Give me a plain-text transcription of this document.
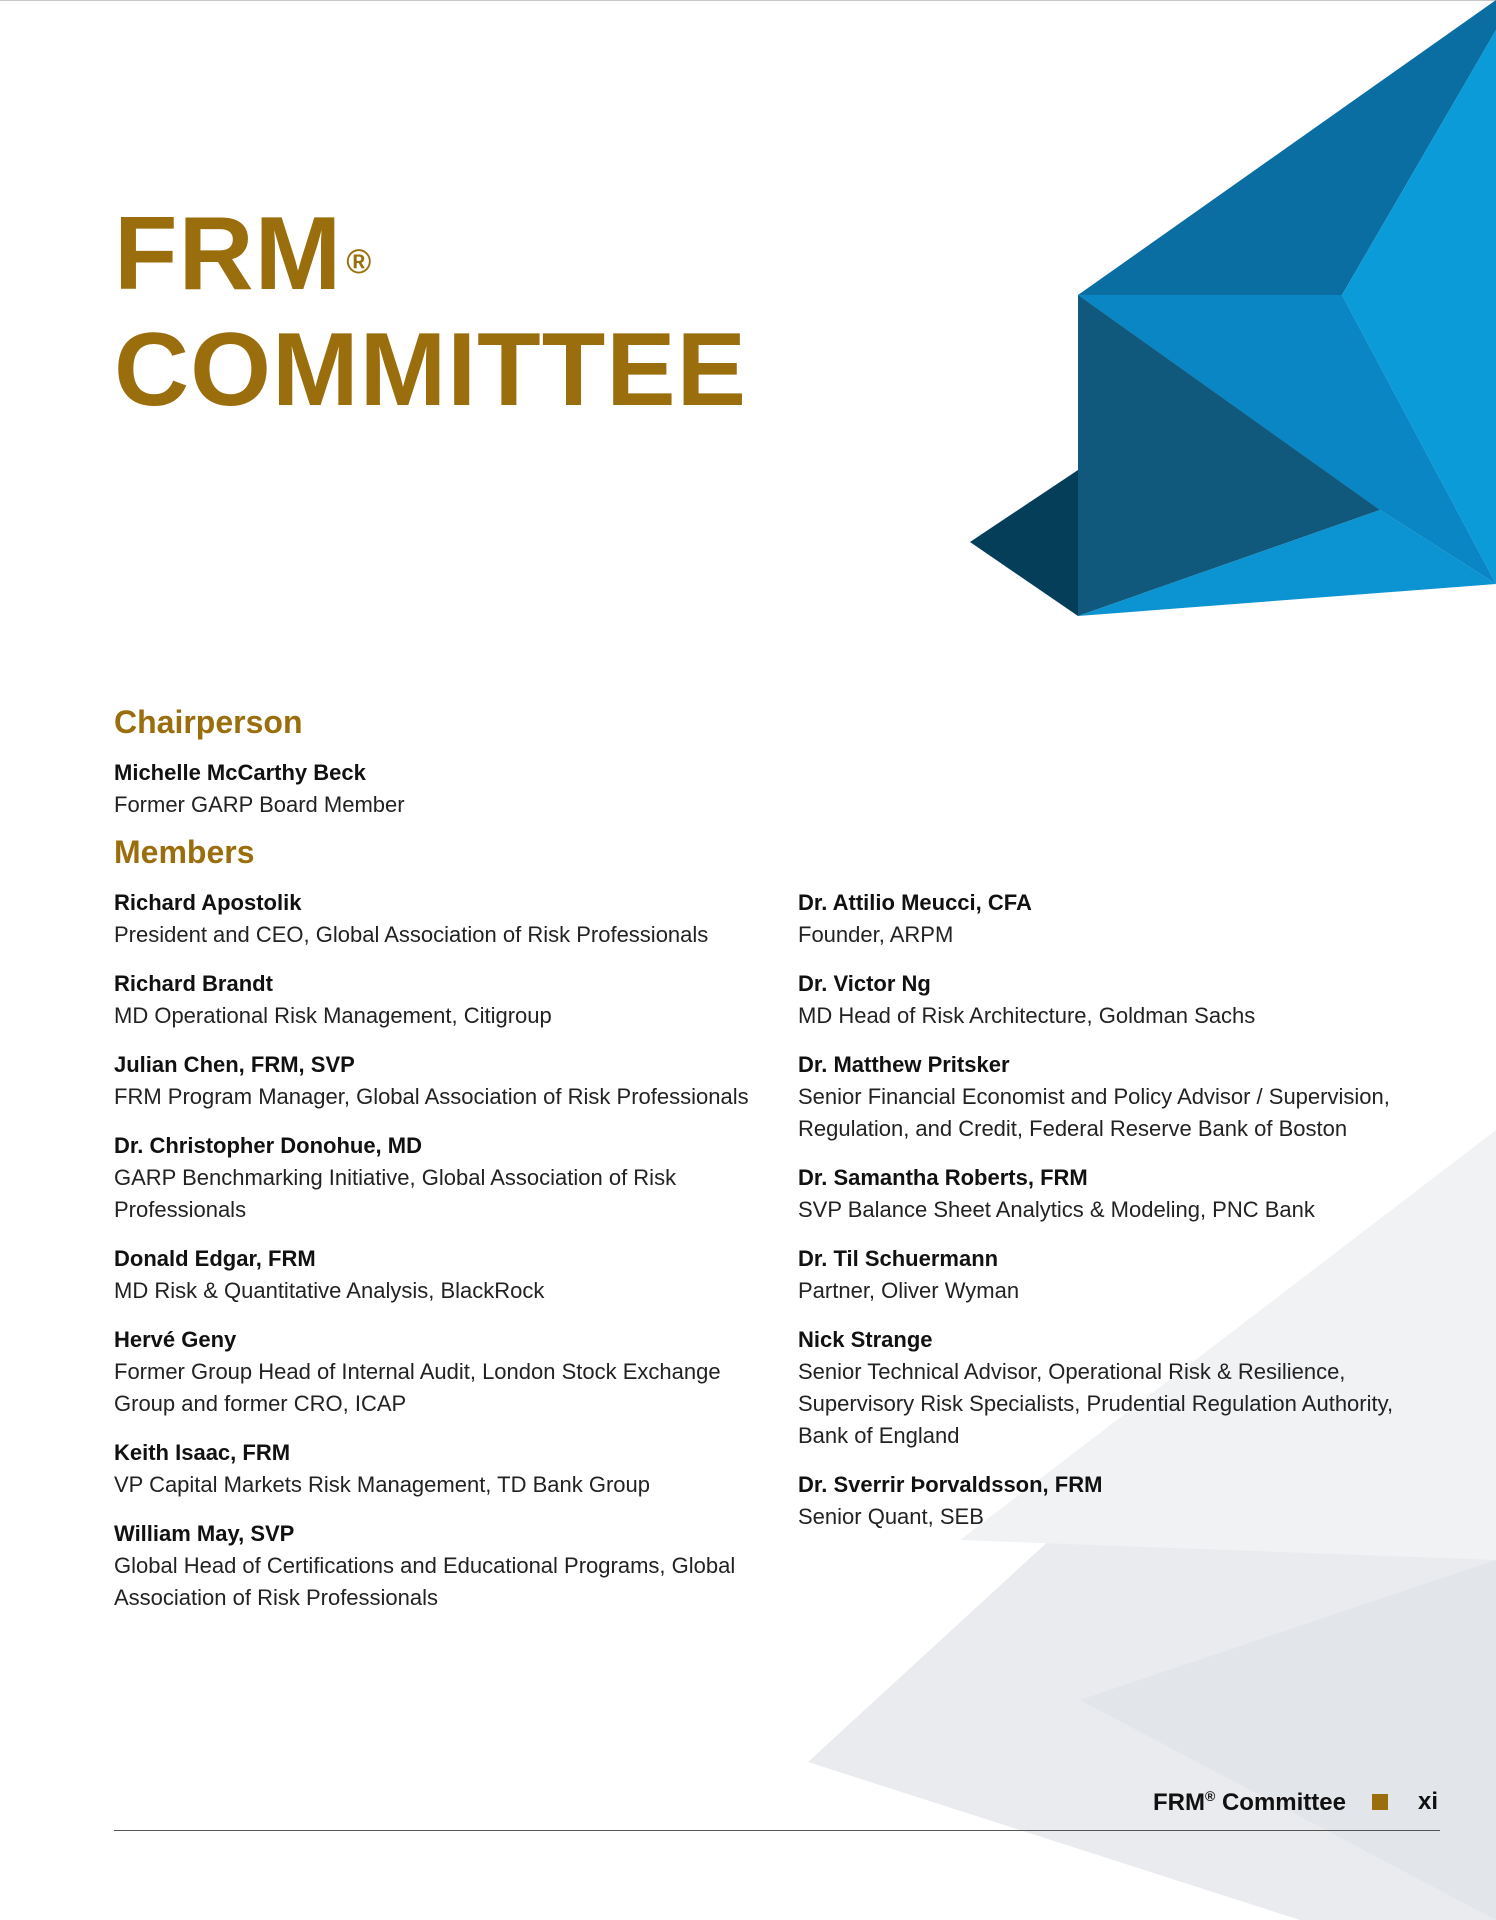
FRM ®
COMMITTEE
Chairperson
Michelle McCarthy Beck
Former GARP Board Member
Members
Richard Apostolik
President and CEO, Global Association of Risk Professionals
Richard Brandt
MD Operational Risk Management, Citigroup
Julian Chen, FRM, SVP
FRM Program Manager, Global Association of Risk Professionals
Dr. Christopher Donohue, MD
GARP Benchmarking Initiative, Global Association of Risk
Professionals
Donald Edgar, FRM
MD Risk & Quantitative Analysis, BlackRock
Hervé Geny
Former Group Head of Internal Audit, London Stock Exchange
Group and former CRO, ICAP
Keith Isaac, FRM
VP Capital Markets Risk Management, TD Bank Group
William May, SVP
Global Head of Certifications and Educational Programs, Global
Association of Risk Professionals
Dr. Attilio Meucci, CFA
Founder, ARPM
Dr. Victor Ng
MD Head of Risk Architecture, Goldman Sachs
Dr. Matthew Pritsker
Senior Financial Economist and Policy Advisor / Supervision,
Regulation, and Credit, Federal Reserve Bank of Boston
Dr. Samantha Roberts, FRM
SVP Balance Sheet Analytics & Modeling, PNC Bank
Dr. Til Schuermann
Partner, Oliver Wyman
Nick Strange
Senior Technical Advisor, Operational Risk & Resilience,
Supervisory Risk Specialists, Prudential Regulation Authority,
Bank of England
Dr. Sverrir Þorvaldsson, FRM
Senior Quant, SEB
FRM® Committee	xi
